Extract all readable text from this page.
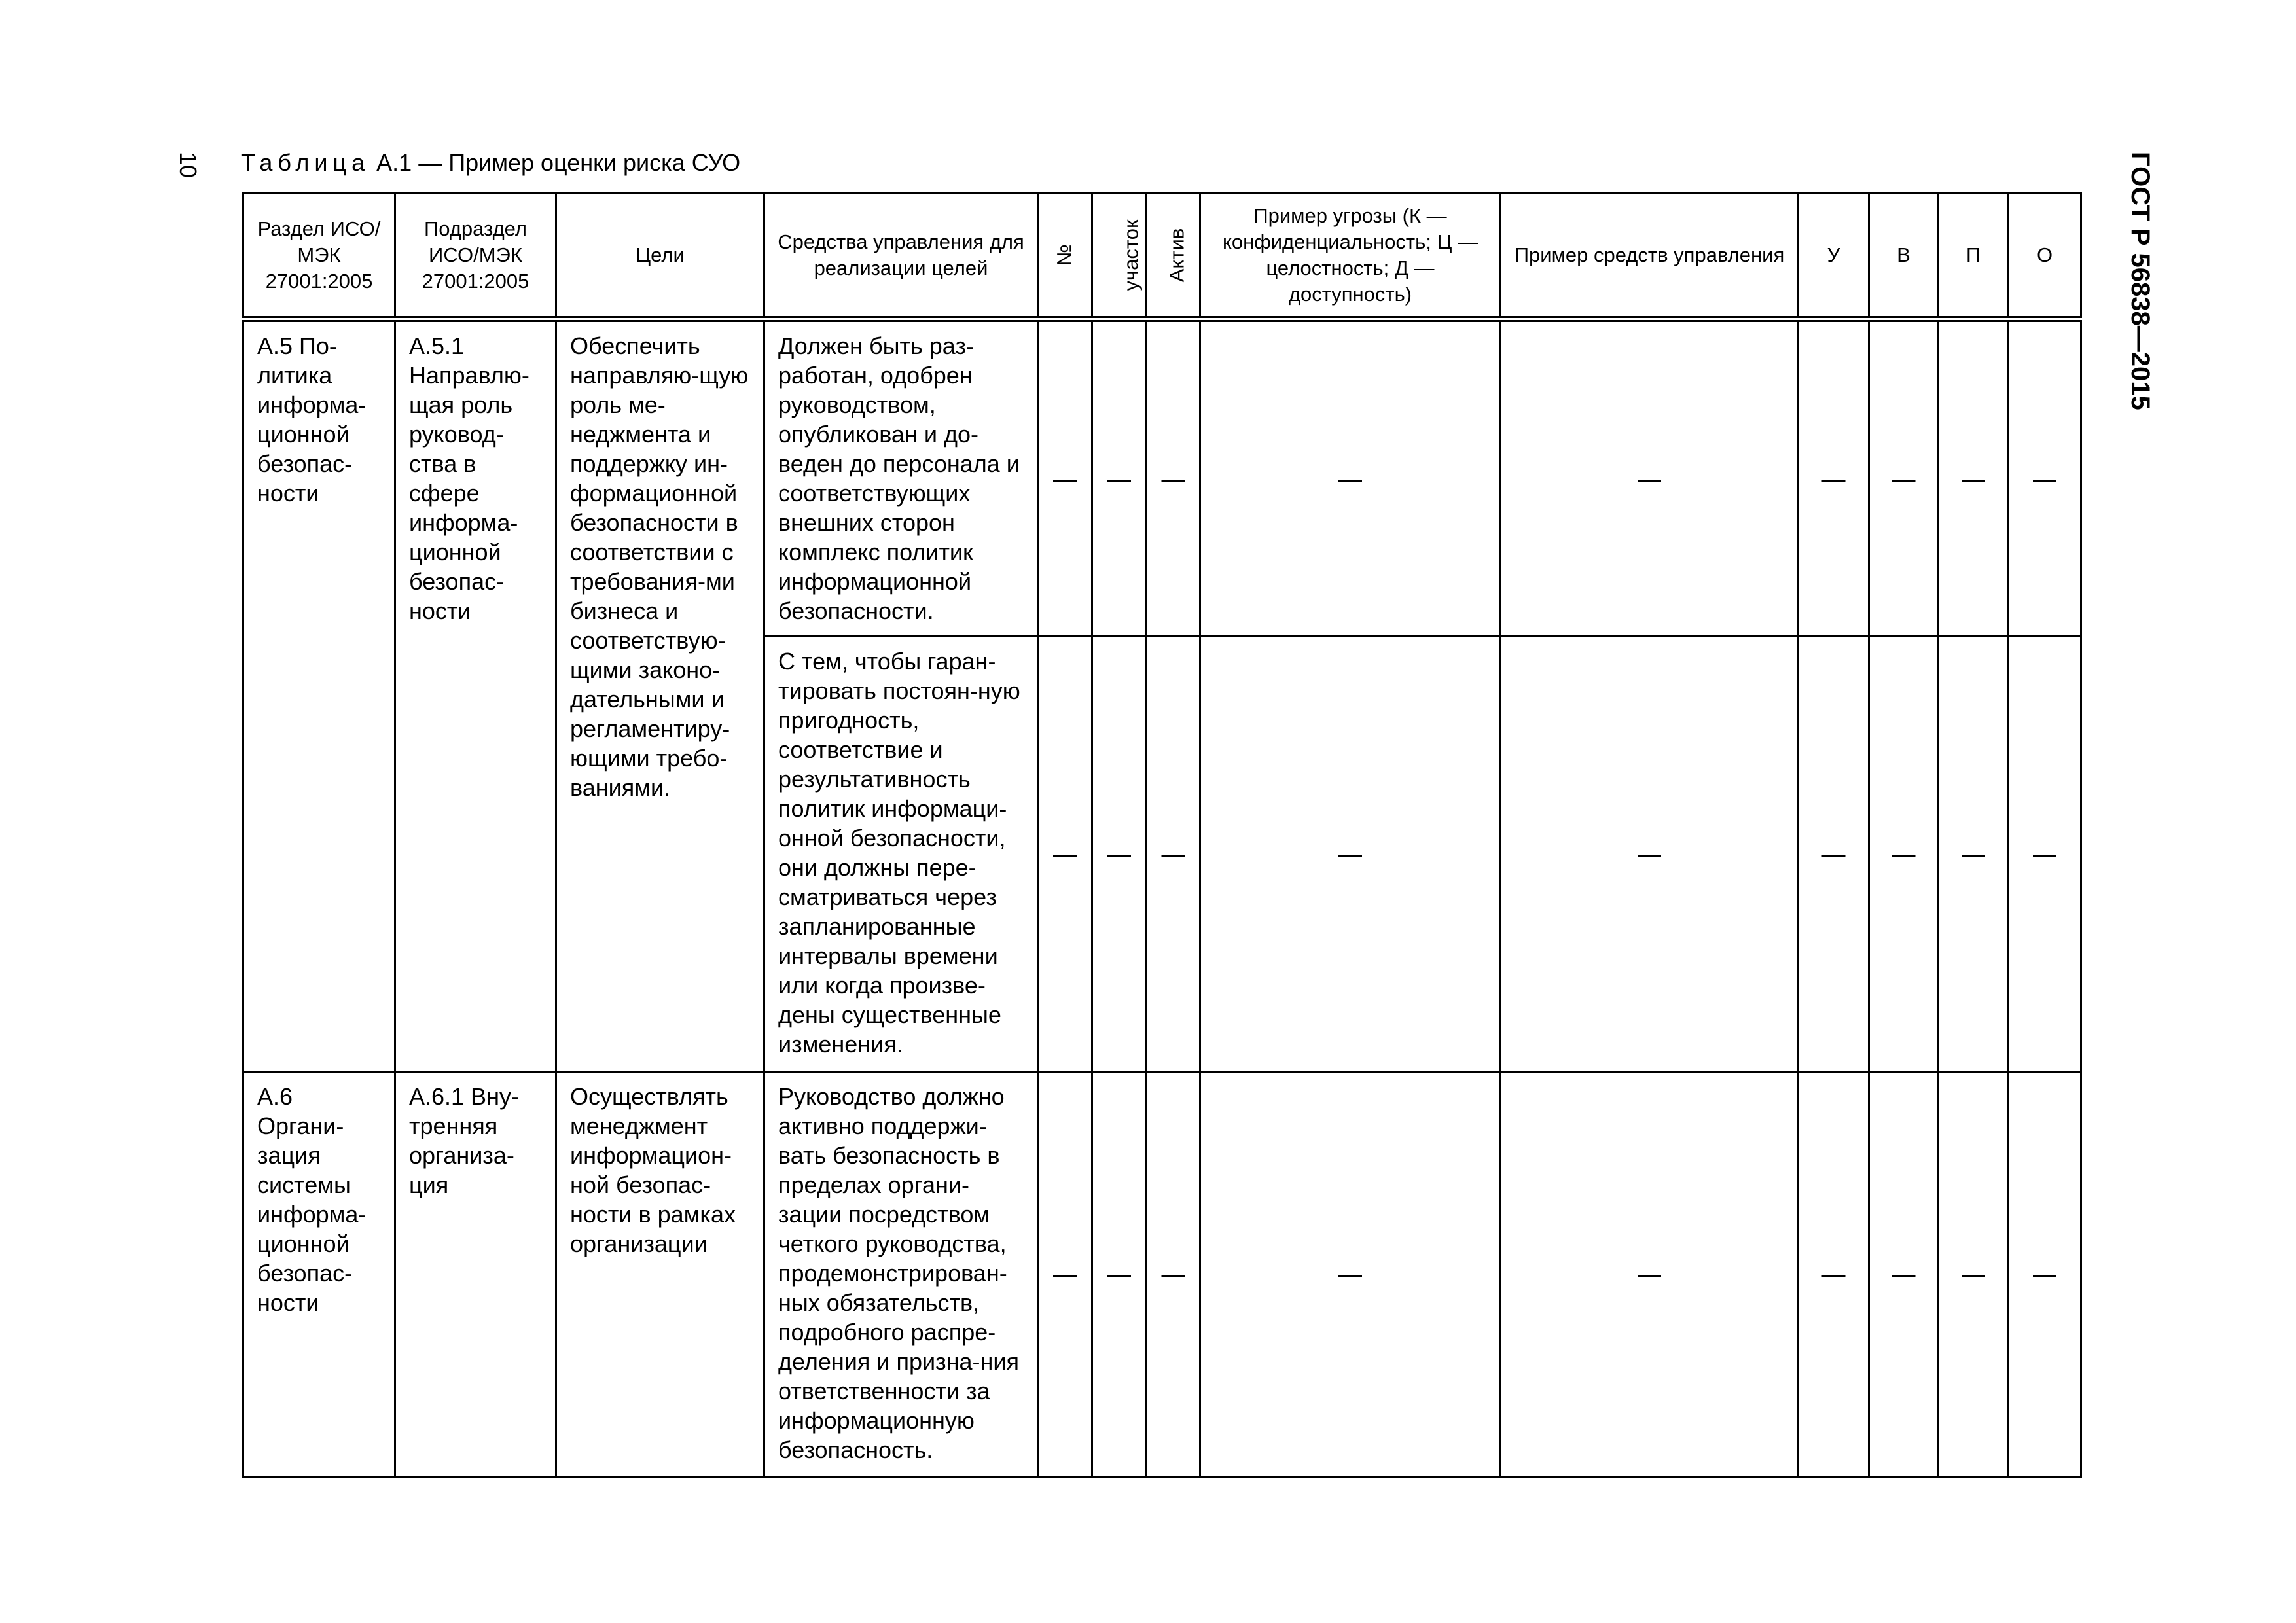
10	ГОСТ Р 56838—2015
Таблица А.1 — Пример оценки риска СУО
Раздел ИСО/МЭК 27001:2005	Подраздел ИСО/МЭК 27001:2005	Цели	Средства управления для реализации целей	№	участок	Актив	Пример угрозы (К — конфиденциальность; Ц — целостность; Д — доступность)	Пример средств управления	У	В	П	О
А.5 По-литика информа-ционной безопас-ности	А.5.1 Направлю-щая роль руковод-ства в сфере информа-ционной безопас-ности	Обеспечить направляю-щую роль ме-неджмента и поддержку ин-формационной безопасности в соответствии с требования-ми бизнеса и соответствую-щими законо-дательными и регламентиру-ющими требо-ваниями.	Должен быть раз-работан, одобрен руководством, опубликован и до-веден до персонала и соответствующих внешних сторон комплекс политик информационной безопасности.	—	—	—	—	—	—	—	—	—
			С тем, чтобы гаран-тировать постоян-ную пригодность, соответствие и результативность политик информаци-онной безопасности, они должны пере-сматриваться через запланированные интервалы времени или когда произве-дены существенные изменения.	—	—	—	—	—	—	—	—	—
А.6 Органи-зация системы информа-ционной безопас-ности	А.6.1 Вну-тренняя организа-ция	Осуществлять менеджмент информацион-ной безопас-ности в рамках организации	Руководство должно активно поддержи-вать безопасность в пределах органи-зации посредством четкого руководства, продемонстрирован-ных обязательств, подробного распре-деления и призна-ния ответственности за информационную безопасность.	—	—	—	—	—	—	—	—	—
